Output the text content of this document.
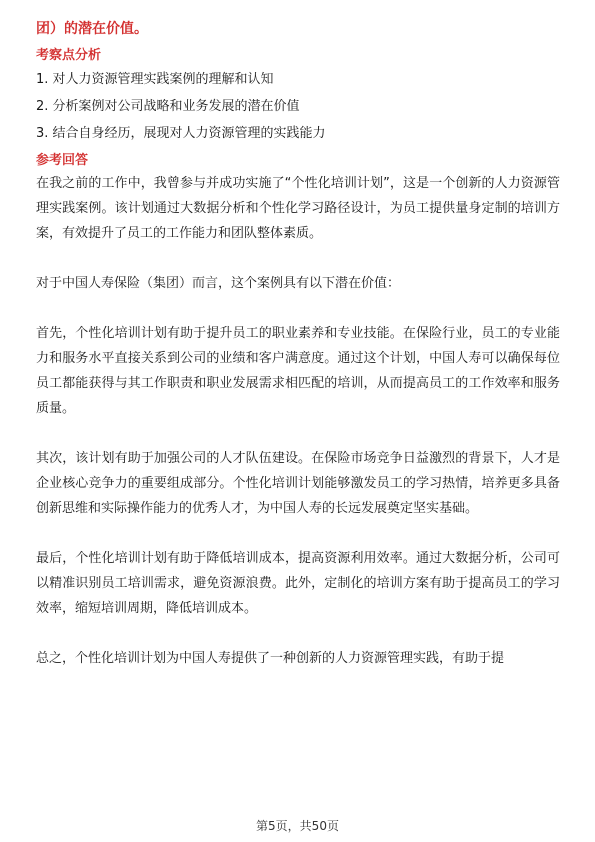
团）的潜在价值。
考察点分析
1. 对人力资源管理实践案例的理解和认知
2. 分析案例对公司战略和业务发展的潜在价值
3. 结合自身经历，展现对人力资源管理的实践能力
参考回答

在我之前的工作中，我曾参与并成功实施了“个性化培训计划”，这是一个创新的人力资源管理实践案例。该计划通过大数据分析和个性化学习路径设计，为员工提供量身定制的培训方案，有效提升了员工的工作能力和团队整体素质。

对于中国人寿保险（集团）而言，这个案例具有以下潜在价值：

首先，个性化培训计划有助于提升员工的职业素养和专业技能。在保险行业，员工的专业能力和服务水平直接关系到公司的业绩和客户满意度。通过这个计划，中国人寿可以确保每位员工都能获得与其工作职责和职业发展需求相匹配的培训，从而提高员工的工作效率和服务质量。

其次，该计划有助于加强公司的人才队伍建设。在保险市场竞争日益激烈的背景下，人才是企业核心竞争力的重要组成部分。个性化培训计划能够激发员工的学习热情，培养更多具备创新思维和实际操作能力的优秀人才，为中国人寿的长远发展奠定坚实基础。

最后，个性化培训计划有助于降低培训成本，提高资源利用效率。通过大数据分析，公司可以精准识别员工培训需求，避免资源浪费。此外，定制化的培训方案有助于提高员工的学习效率，缩短培训周期，降低培训成本。

总之，个性化培训计划为中国人寿提供了一种创新的人力资源管理实践，有助于提

第5页，共50页
